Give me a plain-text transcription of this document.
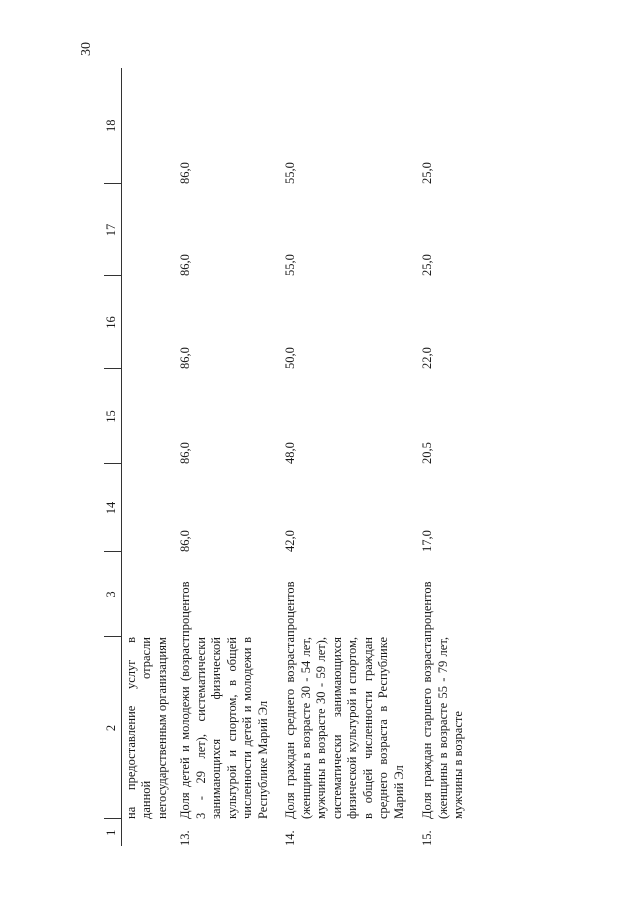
30
1	2	3	14	15	16	17	18
	на предоставление услуг в данной отрасли негосударственным организациям						
13.	Доля детей и молодежи (возраст 3 - 29 лет), систематически занимающихся физической культурой и спортом, в общей численности детей и молодежи в Республике Марий Эл	процентов	86,0	86,0	86,0	86,0	86,0
14.	Доля граждан среднего возраста (женщины в возрасте 30 - 54 лет, мужчины в возрасте 30 - 59 лет), систематически занимающихся физической культурой и спортом, в общей численности граждан среднего возраста в Республике Марий Эл	процентов	42,0	48,0	50,0	55,0	55,0
15.	Доля граждан старшего возраста (женщины в возрасте 55 - 79 лет, мужчины в возрасте	процентов	17,0	20,5	22,0	25,0	25,0
